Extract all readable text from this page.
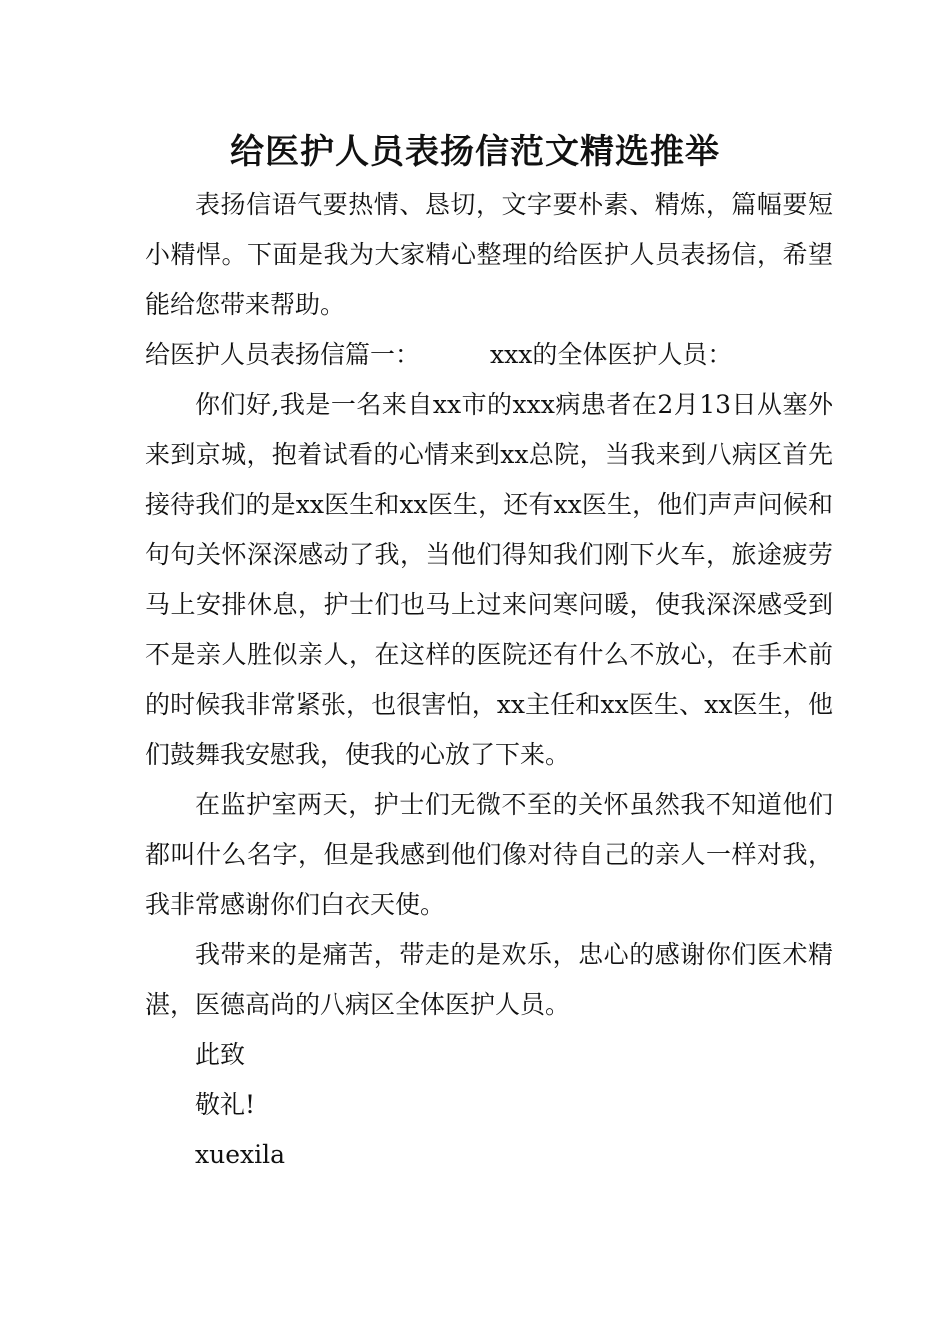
给医护人员表扬信范文精选推举

表扬信语气要热情、恳切，文字要朴素、精炼，篇幅要短小精悍。下面是我为大家精心整理的给医护人员表扬信，希望能给您带来帮助。

给医护人员表扬信篇一：	xxx的全体医护人员：

你们好,我是一名来自xx市的xxx病患者在2月13日从塞外来到京城，抱着试看的心情来到xx总院，当我来到八病区首先接待我们的是xx医生和xx医生，还有xx医生，他们声声问候和句句关怀深深感动了我，当他们得知我们刚下火车，旅途疲劳马上安排休息，护士们也马上过来问寒问暖，使我深深感受到不是亲人胜似亲人，在这样的医院还有什么不放心，在手术前的时候我非常紧张，也很害怕，xx主任和xx医生、xx医生，他们鼓舞我安慰我，使我的心放了下来。

在监护室两天，护士们无微不至的关怀虽然我不知道他们都叫什么名字，但是我感到他们像对待自己的亲人一样对我，我非常感谢你们白衣天使。

我带来的是痛苦，带走的是欢乐，忠心的感谢你们医术精湛，医德高尚的八病区全体医护人员。

此致

敬礼!

xuexila
